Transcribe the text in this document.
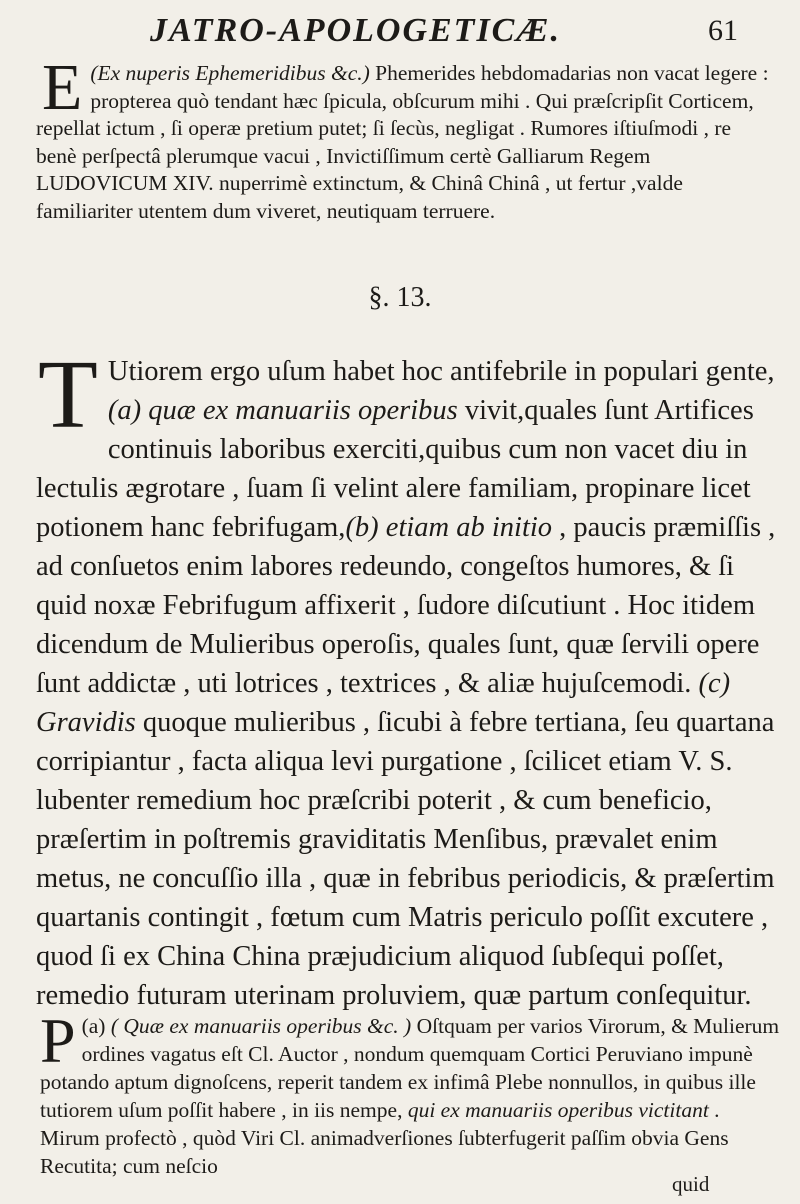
JATRO-APOLOGETICÆ.	61
(Ex nuperis Ephemeridibus &c.)
E	Phemerides hebdomadarias non vacat legere : propterea quò tendant hæc ſpicula, obſcurum mihi . Qui præſcripſit Corticem, repellat ictum , ſi operæ pretium putet; ſi ſecùs, negligat . Rumores iſtiuſmodi , re benè perſpectâ plerumque vacui , Invictiſſimum certè Galliarum Regem LUDOVICUM XIV. nuperrimè extinctum, & Chinâ Chinâ , ut fertur ,valde familiariter utentem dum viveret, neutiquam terruere.
§. 13.
T Utiorem ergo uſum habet hoc antifebrile in populari gente, (a) quæ ex manuariis operibus vivit,quales ſunt Artifices continuis laboribus exerciti,quibus cum non vacet diu in lectulis ægrotare , ſuam ſi velint alere familiam, propinare licet potionem hanc febrifugam,(b) etiam ab initio , paucis præmiſſis , ad conſuetos enim labores redeundo, congeſtos humores, & ſi quid noxæ Febrifugum affixerit , ſudore diſcutiunt . Hoc itidem dicendum de Mulieribus operoſis, quales ſunt, quæ ſervili opere ſunt addictæ , uti lotrices , textrices , & aliæ hujuſcemodi. (c) Gravidis quoque mulieribus , ſicubi à febre tertiana, ſeu quartana corripiantur , facta aliqua levi purgatione , ſcilicet etiam V. S. lubenter remedium hoc præſcribi poterit , & cum beneficio, præſertim in poſtremis graviditatis Menſibus, prævalet enim metus, ne concuſſio illa , quæ in febribus periodicis, & præſertim quartanis contingit , fœtum cum Matris periculo poſſit excutere , quod ſi ex China China præjudicium aliquod ſubſequi poſſet, remedio futuram uterinam proluviem, quæ partum conſequitur.
(a) ( Quæ ex manuariis operibus &c. )
P	Oſtquam per varios Virorum, & Mulierum ordines vagatus eſt Cl. Auctor , nondum quemquam Cortici Peruviano impunè potando aptum dignoſcens, reperit tandem ex infimâ Plebe nonnullos, in quibus ille tutiorem uſum poſſit habere , in iis nempe, qui ex manuariis operibus victitant . Mirum profectò , quòd Viri Cl. animadverſiones ſubterfugerit paſſim obvia Gens Recutita; cum neſcio
quid
